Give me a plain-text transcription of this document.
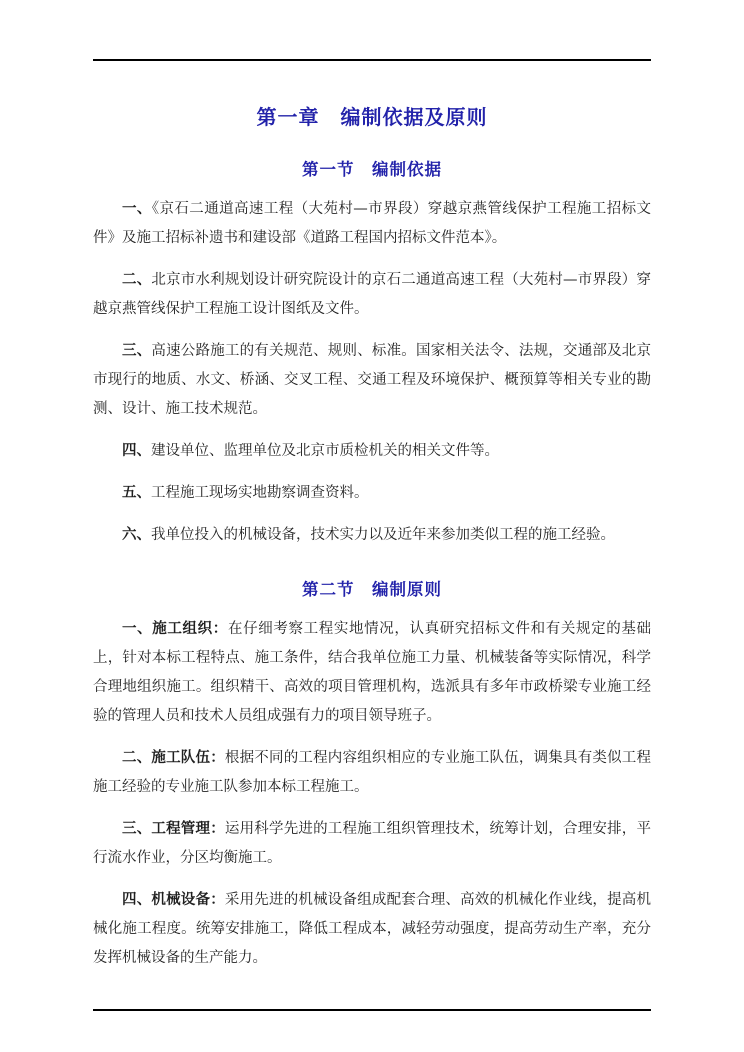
第一章　编制依据及原则
第一节　编制依据

一、《京石二通道高速工程（大苑村—市界段）穿越京燕管线保护工程施工招标文件》及施工招标补遗书和建设部《道路工程国内招标文件范本》。

二、北京市水利规划设计研究院设计的京石二通道高速工程（大苑村—市界段）穿越京燕管线保护工程施工设计图纸及文件。

三、高速公路施工的有关规范、规则、标准。国家相关法令、法规，交通部及北京市现行的地质、水文、桥涵、交叉工程、交通工程及环境保护、概预算等相关专业的勘测、设计、施工技术规范。

四、建设单位、监理单位及北京市质检机关的相关文件等。

五、工程施工现场实地勘察调查资料。

六、我单位投入的机械设备，技术实力以及近年来参加类似工程的施工经验。

第二节　编制原则

一、施工组织：在仔细考察工程实地情况，认真研究招标文件和有关规定的基础上，针对本标工程特点、施工条件，结合我单位施工力量、机械装备等实际情况，科学合理地组织施工。组织精干、高效的项目管理机构，选派具有多年市政桥梁专业施工经验的管理人员和技术人员组成强有力的项目领导班子。

二、施工队伍：根据不同的工程内容组织相应的专业施工队伍，调集具有类似工程施工经验的专业施工队参加本标工程施工。

三、工程管理：运用科学先进的工程施工组织管理技术，统筹计划，合理安排，平行流水作业，分区均衡施工。

四、机械设备：采用先进的机械设备组成配套合理、高效的机械化作业线，提高机械化施工程度。统筹安排施工，降低工程成本，减轻劳动强度，提高劳动生产率，充分发挥机械设备的生产能力。
